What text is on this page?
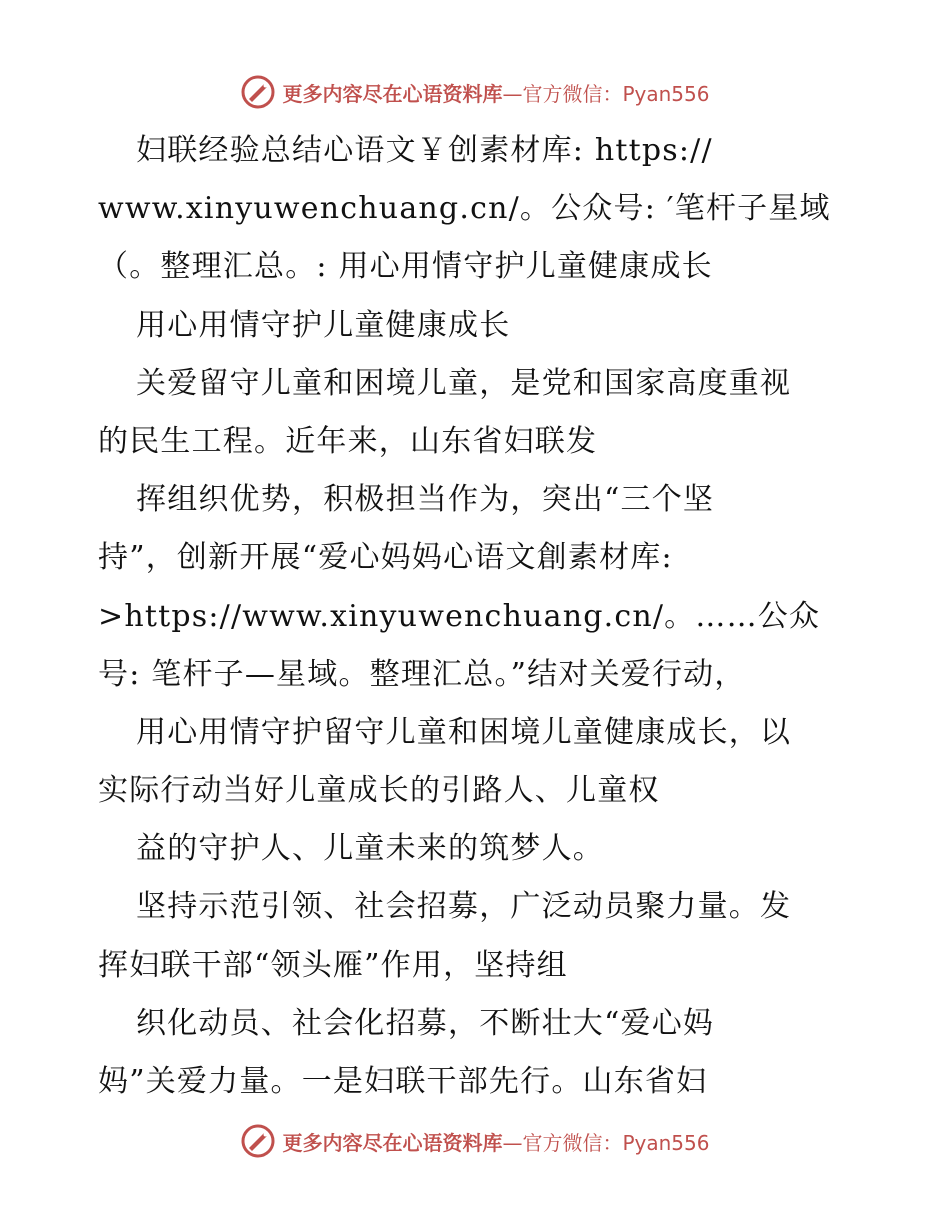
更多内容尽在心语资料库 —官方微信：Pyan556
妇联经验总结心语文￥创素材库: https://
www.xinyuwenchuang.cn/。公众号: ′笔杆子星域
（。整理汇总。: 用心用情守护儿童健康成长
用心用情守护儿童健康成长
关爱留守儿童和困境儿童，是党和国家高度重视
的民生工程。近年来，山东省妇联发
挥组织优势，积极担当作为，突出“三个坚
持”，创新开展“爱心妈妈心语文創素材库:
>https://www.xinyuwenchuang.cn/。……公众
号: 笔杆子—星域。整理汇总。”结对关爱行动，
用心用情守护留守儿童和困境儿童健康成长，以
实际行动当好儿童成长的引路人、儿童权
益的守护人、儿童未来的筑梦人。
坚持示范引领、社会招募，广泛动员聚力量。发
挥妇联干部“领头雁”作用，坚持组
织化动员、社会化招募，不断壮大“爱心妈
妈”关爱力量。一是妇联干部先行。山东省妇
更多内容尽在心语资料库 —官方微信：Pyan556
